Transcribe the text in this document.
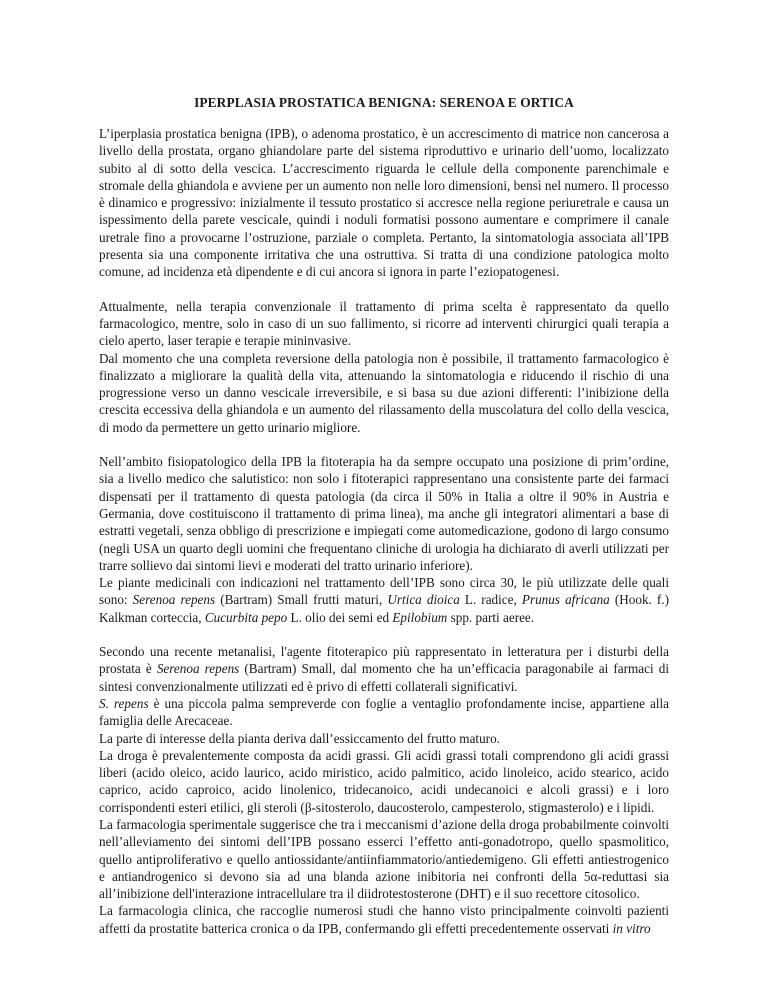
IPERPLASIA PROSTATICA BENIGNA: SERENOA E ORTICA

L’iperplasia prostatica benigna (IPB), o adenoma prostatico, è un accrescimento di matrice non cancerosa a livello della prostata, organo ghiandolare parte del sistema riproduttivo e urinario dell’uomo, localizzato subito al di sotto della vescica. L’accrescimento riguarda le cellule della componente parenchimale e stromale della ghiandola e avviene per un aumento non nelle loro dimensioni, bensì nel numero. Il processo è dinamico e progressivo: inizialmente il tessuto prostatico si accresce nella regione periuretrale e causa un ispessimento della parete vescicale, quindi i noduli formatisi possono aumentare e comprimere il canale uretrale fino a provocarne l’ostruzione, parziale o completa. Pertanto, la sintomatologia associata all’IPB presenta sia una componente irritativa che una ostruttiva. Si tratta di una condizione patologica molto comune, ad incidenza età dipendente e di cui ancora si ignora in parte l’eziopatogenesi.

Attualmente, nella terapia convenzionale il trattamento di prima scelta è rappresentato da quello farmacologico, mentre, solo in caso di un suo fallimento, si ricorre ad interventi chirurgici quali terapia a cielo aperto, laser terapie e terapie mininvasive.

Dal momento che una completa reversione della patologia non è possibile, il trattamento farmacologico è finalizzato a migliorare la qualità della vita, attenuando la sintomatologia e riducendo il rischio di una progressione verso un danno vescicale irreversibile, e si basa su due azioni differenti: l’inibizione della crescita eccessiva della ghiandola e un aumento del rilassamento della muscolatura del collo della vescica, di modo da permettere un getto urinario migliore.

Nell’ambito fisiopatologico della IPB la fitoterapia ha da sempre occupato una posizione di prim’ordine, sia a livello medico che salutistico: non solo i fitoterapici rappresentano una consistente parte dei farmaci dispensati per il trattamento di questa patologia (da circa il 50% in Italia a oltre il 90% in Austria e Germania, dove costituiscono il trattamento di prima linea), ma anche gli integratori alimentari a base di estratti vegetali, senza obbligo di prescrizione e impiegati come automedicazione, godono di largo consumo (negli USA un quarto degli uomini che frequentano cliniche di urologia ha dichiarato di averli utilizzati per trarre sollievo dai sintomi lievi e moderati del tratto urinario inferiore).

Le piante medicinali con indicazioni nel trattamento dell’IPB sono circa 30, le più utilizzate delle quali sono: Serenoa repens (Bartram) Small frutti maturi, Urtica dioica L. radice, Prunus africana (Hook. f.) Kalkman corteccia, Cucurbita pepo L. olio dei semi ed Epilobium spp. parti aeree.

Secondo una recente metanalisi, l'agente fitoterapico più rappresentato in letteratura per i disturbi della prostata è Serenoa repens (Bartram) Small, dal momento che ha un’efficacia paragonabile ai farmaci di sintesi convenzionalmente utilizzati ed è privo di effetti collaterali significativi.

S. repens è una piccola palma sempreverde con foglie a ventaglio profondamente incise, appartiene alla famiglia delle Arecaceae.

La parte di interesse della pianta deriva dall’essiccamento del frutto maturo.

La droga è prevalentemente composta da acidi grassi. Gli acidi grassi totali comprendono gli acidi grassi liberi (acido oleico, acido laurico, acido miristico, acido palmitico, acido linoleico, acido stearico, acido caprico, acido caproico, acido linolenico, tridecanoico, acidi undecanoici e alcoli grassi) e i loro corrispondenti esteri etilici, gli steroli (β-sitosterolo, daucosterolo, campesterolo, stigmasterolo) e i lipidi.

La farmacologia sperimentale suggerisce che tra i meccanismi d’azione della droga probabilmente coinvolti nell’alleviamento dei sintomi dell’IPB possano esserci l’effetto anti-gonadotropo, quello spasmolitico, quello antiproliferativo e quello antiossidante/antiinfiammatorio/antiedemigeno. Gli effetti antiestrogenico e antiandrogenico si devono sia ad una blanda azione inibitoria nei confronti della 5α-reduttasi sia all’inibizione dell'interazione intracellulare tra il diidrotestosterone (DHT) e il suo recettore citosolico.

La farmacologia clinica, che raccoglie numerosi studi che hanno visto principalmente coinvolti pazienti affetti da prostatite batterica cronica o da IPB, confermando gli effetti precedentemente osservati in vitro
